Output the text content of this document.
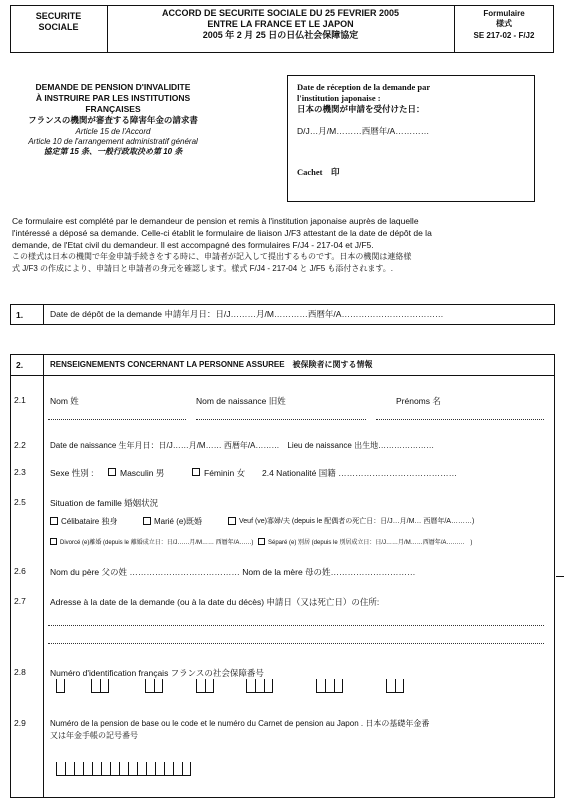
SECURITE
SOCIALE
ACCORD DE SECURITE SOCIALE DU 25 FEVRIER 2005
ENTRE LA FRANCE ET LE JAPON
2005 年 2 月 25 日の日仏社会保障協定
Formulaire
様式
SE 217-02 - F/J2
DEMANDE DE PENSION D'INVALIDITE
À INSTRUIRE PAR LES INSTITUTIONS
FRANÇAISES
フランスの機関が審査する障害年金の請求書
Article 15 de l'Accord
Article 10 de l'arrangement administratif général
協定第 15 条、一般行政取決め第 10 条
Date de réception de la demande par
l'institution japonaise :
日本の機関が申請を受付けた日：
D/J…月/M………西暦年/A…………
Cachet　印
Ce formulaire est complété par le demandeur de pension et remis à l'institution japonaise auprès de laquelle
l'intéressé a déposé sa demande. Celle-ci établit le formulaire de liaison J/F3 attestant de la date de dépôt de la
demande, de l'Etat civil du demandeur. Il est accompagné des formulaires F/J4 - 217-04 et J/F5.
この様式は日本の機関で年金申請手続きをする時に、申請者が記入して提出するものです。日本の機関は連絡様
式 J/F3 の作成により、申請日と申請者の身元を確認します。様式 F/J4 - 217-04 と J/F5 も添付されます。.
1.	Date de dépôt de la demande 申請年月日：日/J………月/M…………西暦年/A………………………………
2.	RENSEIGNEMENTS CONCERNANT LA PERSONNE ASSUREE　被保険者に関する情報
2.1	Nom 姓	Nom de naissance 旧姓	Prénoms 名
2.2	Date de naissance 生年月日：日/J……月/M…… 西暦年/A………　Lieu de naissance 出生地…………………
2.3	Sexe 性別 :	Masculin 男	Féminin 女 2.4 Nationalité 国籍 ……………………………………
2.5	Situation de famille 婚姻状況
Célibataire 独身	Marié (e)既婚	Veuf (ve)寡婦/夫 (depuis le 配偶者の死亡日：日/J…月/M… 西暦年/A………)
Divorcé (e)離婚 (depuis le 離婚成立日：日/J……月/M…… 西暦年/A……) Séparé (e) 別居 (depuis le 別居成立日：日/J……月/M……西暦年/A………　)
2.6	Nom du père 父の姓 ………………………………… Nom de la mère 母の姓…………………………
2.7	Adresse à la date de la demande (ou à la date du décès) 申請日（又は死亡日）の住所:
2.8	Numéro d'identification français フランスの社会保障番号
2.9	Numéro de la pension de base ou le code et le numéro du Carnet de pension au Japon . 日本の基礎年金番
又は年金手帳の記号番号
